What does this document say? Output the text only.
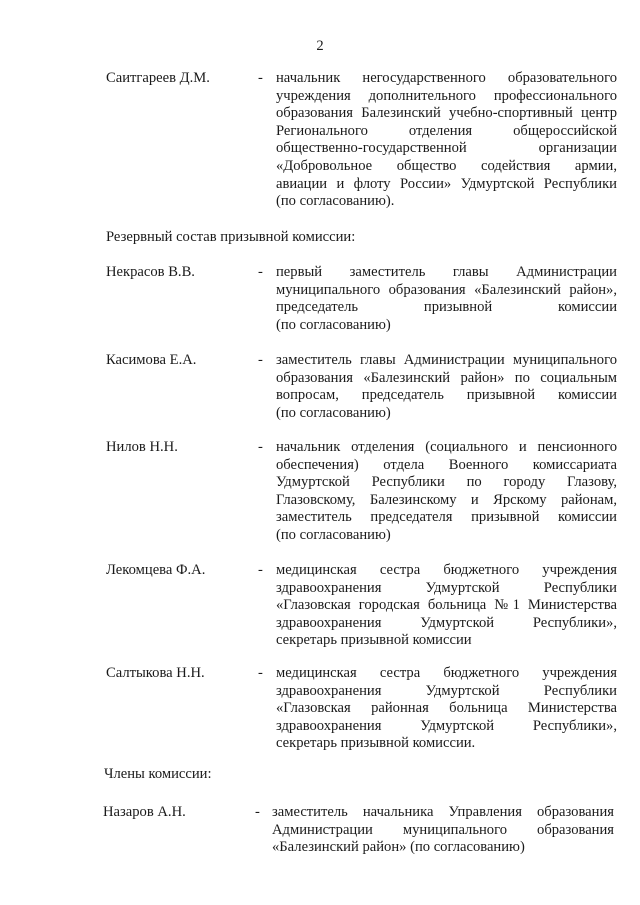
2
Саитгареев Д.М.	- начальник негосударственного образовательного
учреждения дополнительного профессионального
образования Балезинский учебно-спортивный центр
Регионального отделения общероссийской
общественно-государственной организации
«Добровольное общество содействия армии,
авиации и флоту России» Удмуртской Республики
(по согласованию).
Резервный состав призывной комиссии:
Некрасов В.В.	- первый заместитель главы Администрации
муниципального образования «Балезинский район»,
председатель призывной комиссии
(по согласованию)
Касимова Е.А.	- заместитель главы Администрации муниципального
образования «Балезинский район» по социальным
вопросам, председатель призывной комиссии
(по согласованию)
Нилов Н.Н.	- начальник отделения (социального и пенсионного
обеспечения) отдела Военного комиссариата
Удмуртской Республики по городу Глазову,
Глазовскому, Балезинскому и Ярскому районам,
заместитель председателя призывной комиссии
(по согласованию)
Лекомцева Ф.А.	- медицинская сестра бюджетного учреждения
здравоохранения Удмуртской Республики
«Глазовская городская больница №1 Министерства
здравоохранения Удмуртской Республики»,
секретарь призывной комиссии
Салтыкова Н.Н.	- медицинская сестра бюджетного учреждения
здравоохранения Удмуртской Республики
«Глазовская районная больница Министерства
здравоохранения Удмуртской Республики»,
секретарь призывной комиссии.
Члены комиссии:
Назаров А.Н.	- заместитель начальника Управления образования
Администрации муниципального образования
«Балезинский район» (по согласованию)
